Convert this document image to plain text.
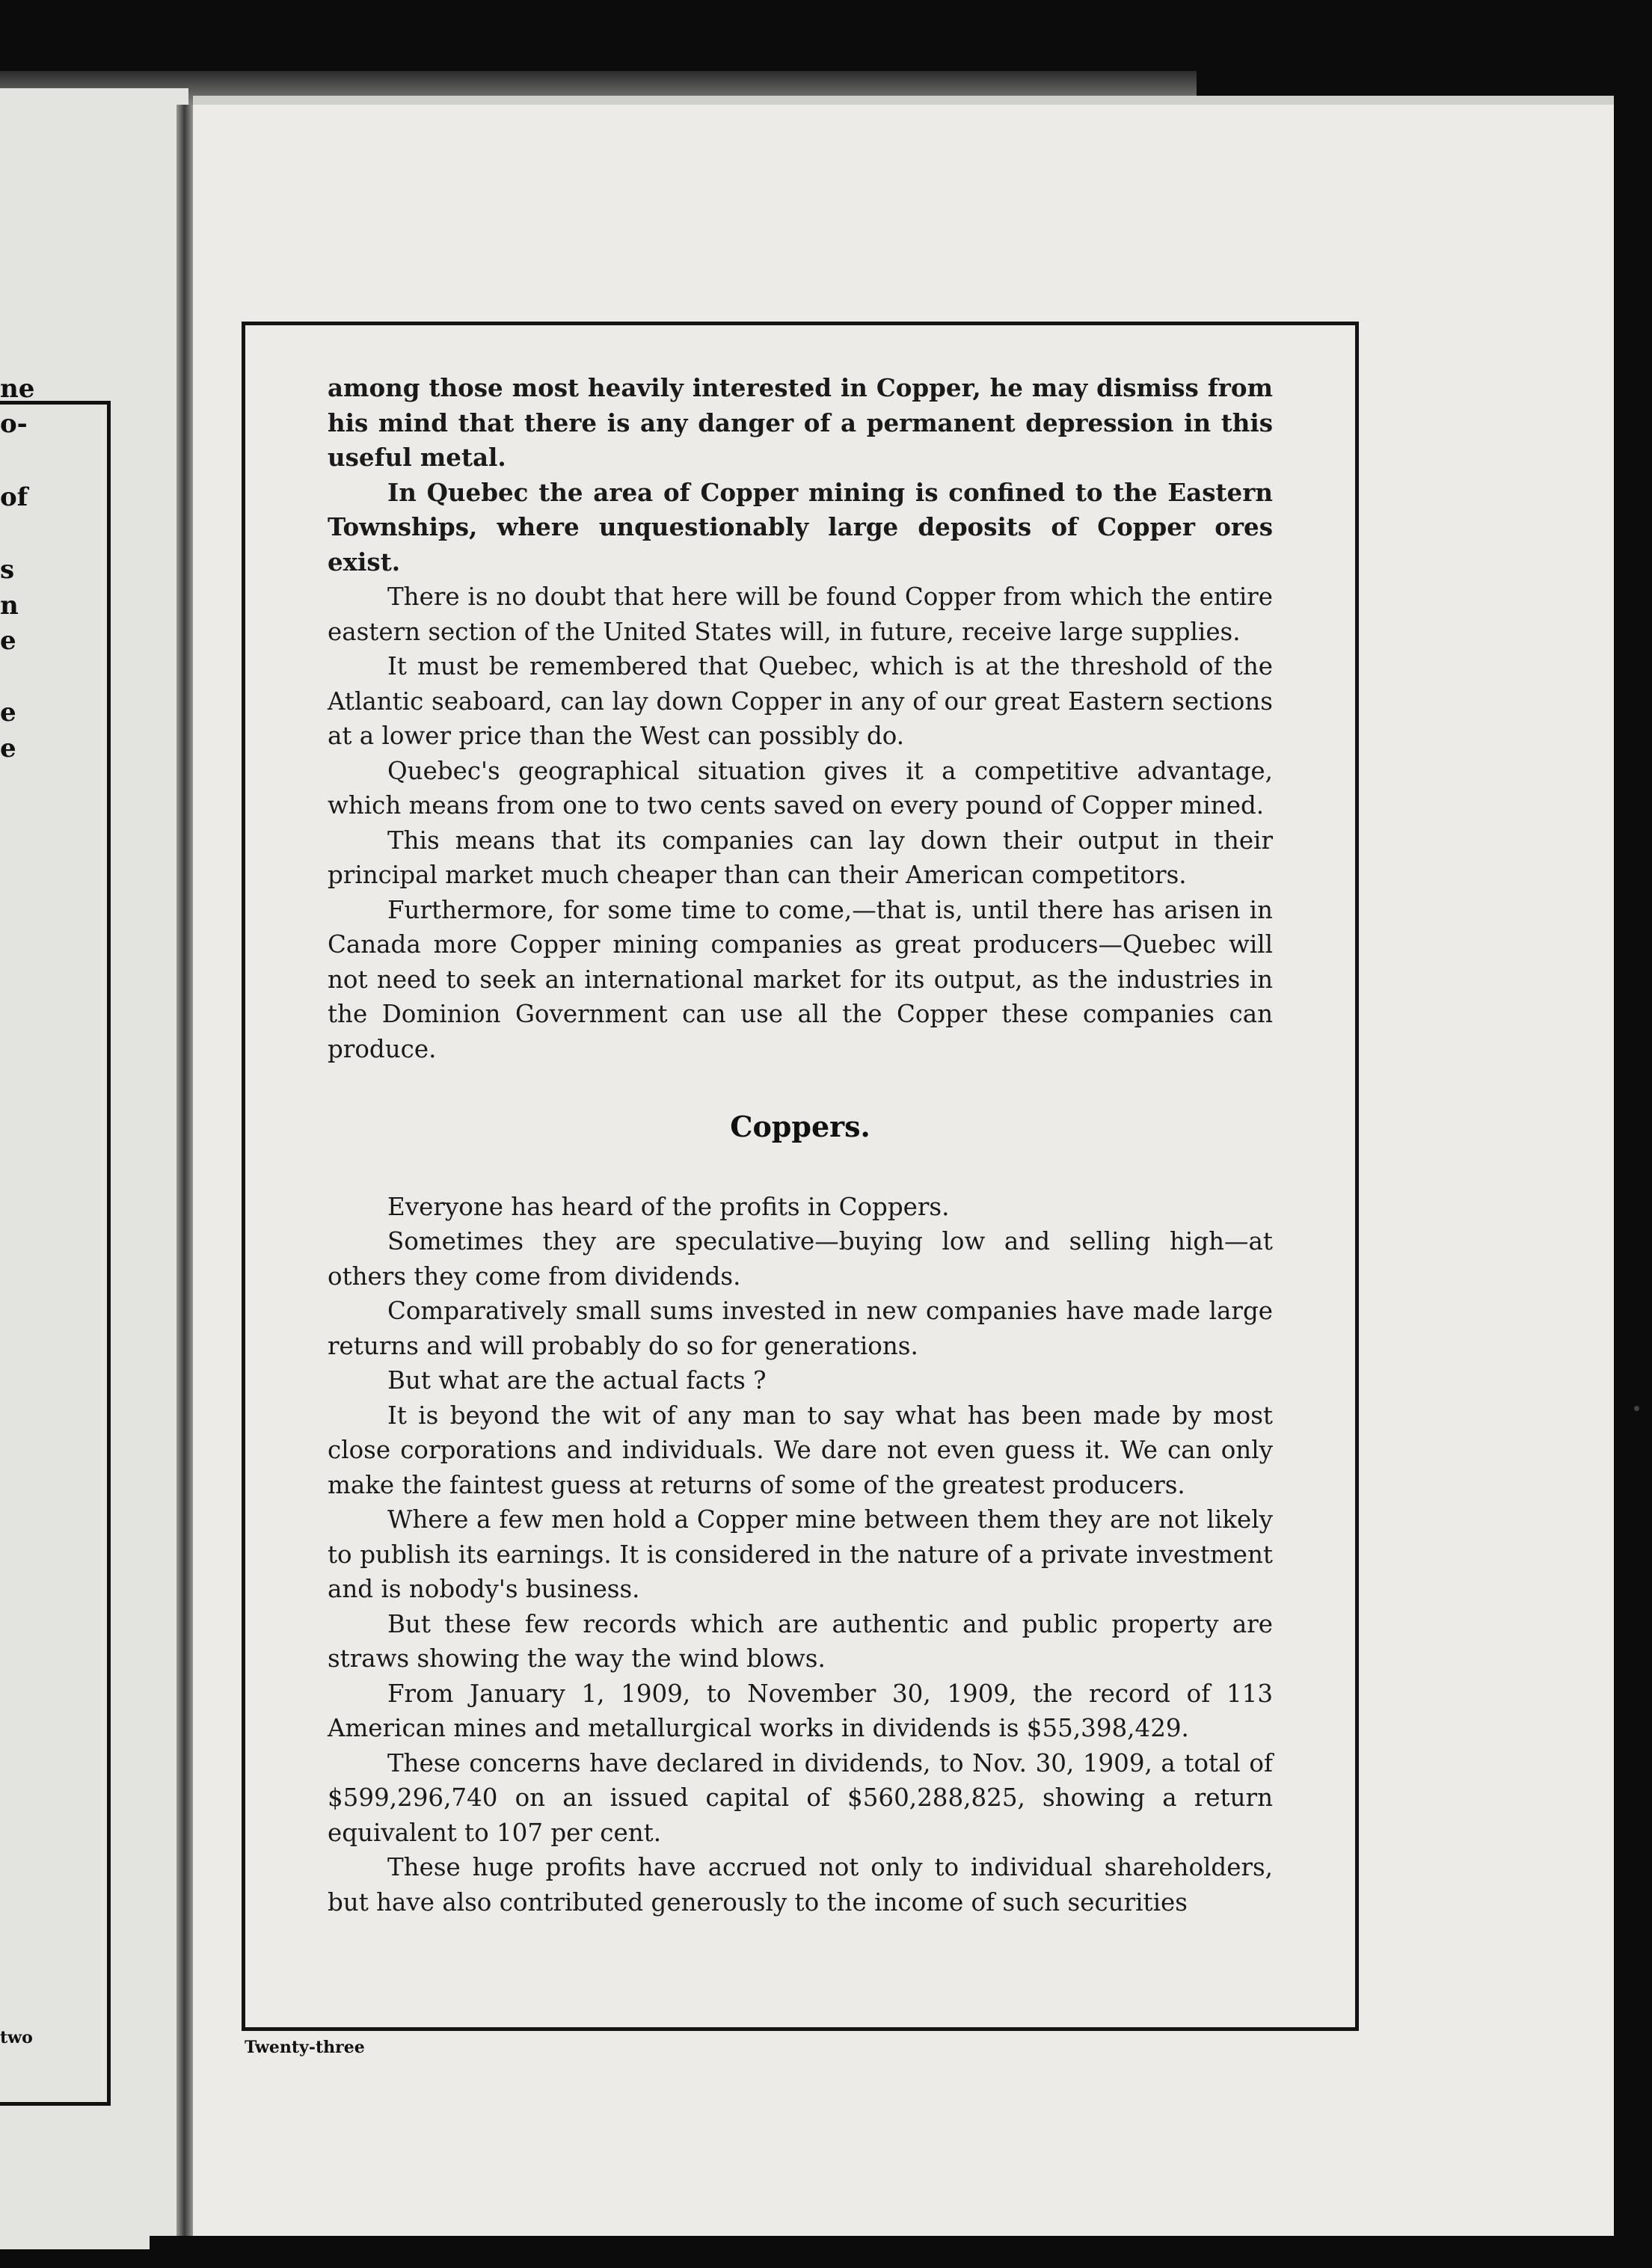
ne
o-
of
s
n
e
e
e
two

among those most heavily interested in Copper, he may dismiss from his mind that there is any danger of a permanent depression in this useful metal.

In Quebec the area of Copper mining is confined to the Eastern Townships, where unquestionably large deposits of Copper ores exist.

There is no doubt that here will be found Copper from which the entire eastern section of the United States will, in future, receive large supplies.

It must be remembered that Quebec, which is at the threshold of the Atlantic seaboard, can lay down Copper in any of our great Eastern sections at a lower price than the West can possibly do.

Quebec's geographical situation gives it a competitive advantage, which means from one to two cents saved on every pound of Copper mined.

This means that its companies can lay down their output in their principal market much cheaper than can their American competitors.

Furthermore, for some time to come,—that is, until there has arisen in Canada more Copper mining companies as great producers—Quebec will not need to seek an international market for its output, as the industries in the Dominion Government can use all the Copper these companies can produce.

Coppers.

Everyone has heard of the profits in Coppers.

Sometimes they are speculative—buying low and selling high—at others they come from dividends.

Comparatively small sums invested in new companies have made large returns and will probably do so for generations.

But what are the actual facts ?

It is beyond the wit of any man to say what has been made by most close corporations and individuals. We dare not even guess it. We can only make the faintest guess at returns of some of the greatest producers.

Where a few men hold a Copper mine between them they are not likely to publish its earnings. It is considered in the nature of a private investment and is nobody's business.

But these few records which are authentic and public property are straws showing the way the wind blows.

From January 1, 1909, to November 30, 1909, the record of 113 American mines and metallurgical works in dividends is $55,398,429.

These concerns have declared in dividends, to Nov. 30, 1909, a total of $599,296,740 on an issued capital of $560,288,825, showing a return equivalent to 107 per cent.

These huge profits have accrued not only to individual shareholders, but have also contributed generously to the income of such securities

Twenty-three
